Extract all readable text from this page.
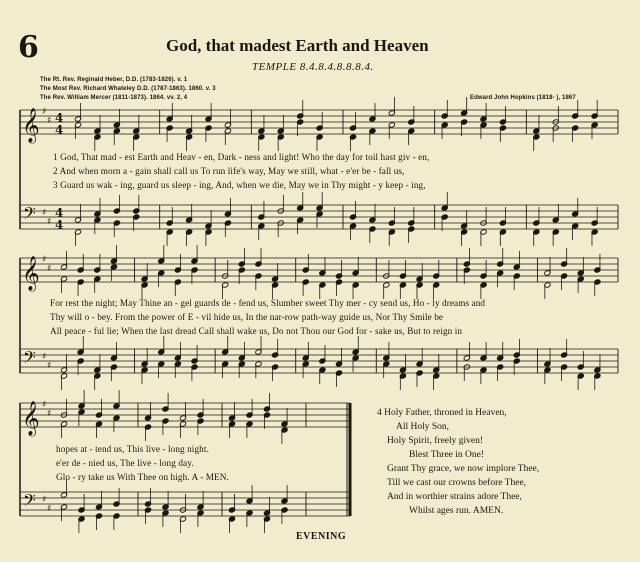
𝄞
𝄢
♯
♯
♯
♯
4
4
4
4
𝄞
𝄢
♯
♯
♯
♯
𝄞
𝄢
♯
♯
♯
♯
6	God, that madest Earth and Heaven
TEMPLE 8.4.8.4.8.8.8.4.
The Rt. Rev. Reginald Heber, D.D. (1783-1826). v. 1
The Most Rev. Richard Whateley D.D. (1787-1863). 1860. v. 3
The Rev. William Mercer (1811-1873). 1864. vv. 2, 4	Edward John Hopkins (1818- ), 1867
1 God, That mad - est Earth and Heav - en, Dark - ness and light! Who the day for toil hast giv - en,
2 And when morn a - gain shall call us To run life's way, May we still, what - e'er be - fall us,
3 Guard us wak - ing, guard us sleep - ing, And, when we die, May we in Thy might - y keep - ing,
For rest the night; May Thine an - gel guards de - fend us, Slumber sweet Thy mer - cy send us, Ho - ly dreams and
Thy will o - bey. From the power of E - vil hide us, In the nar-row path-way guide us, Nor Thy Smile be
All peace - ful lie; When the last dread Call shall wake us, Do not Thou our God for - sake us, But to reign in
hopes at - tend us, This live - long night.
e'er de - nied us, The live - long day.
Glo - ry take us With Thee on high. A - MEN.
4 Holy Father, throned in Heaven,
All Holy Son,
Holy Spirit, freely given!
Blest Three in One!
Grant Thy grace, we now implore Thee,
Till we cast our crowns before Thee,
And in worthier strains adore Thee,
Whilst ages run. AMEN.
EVENING
